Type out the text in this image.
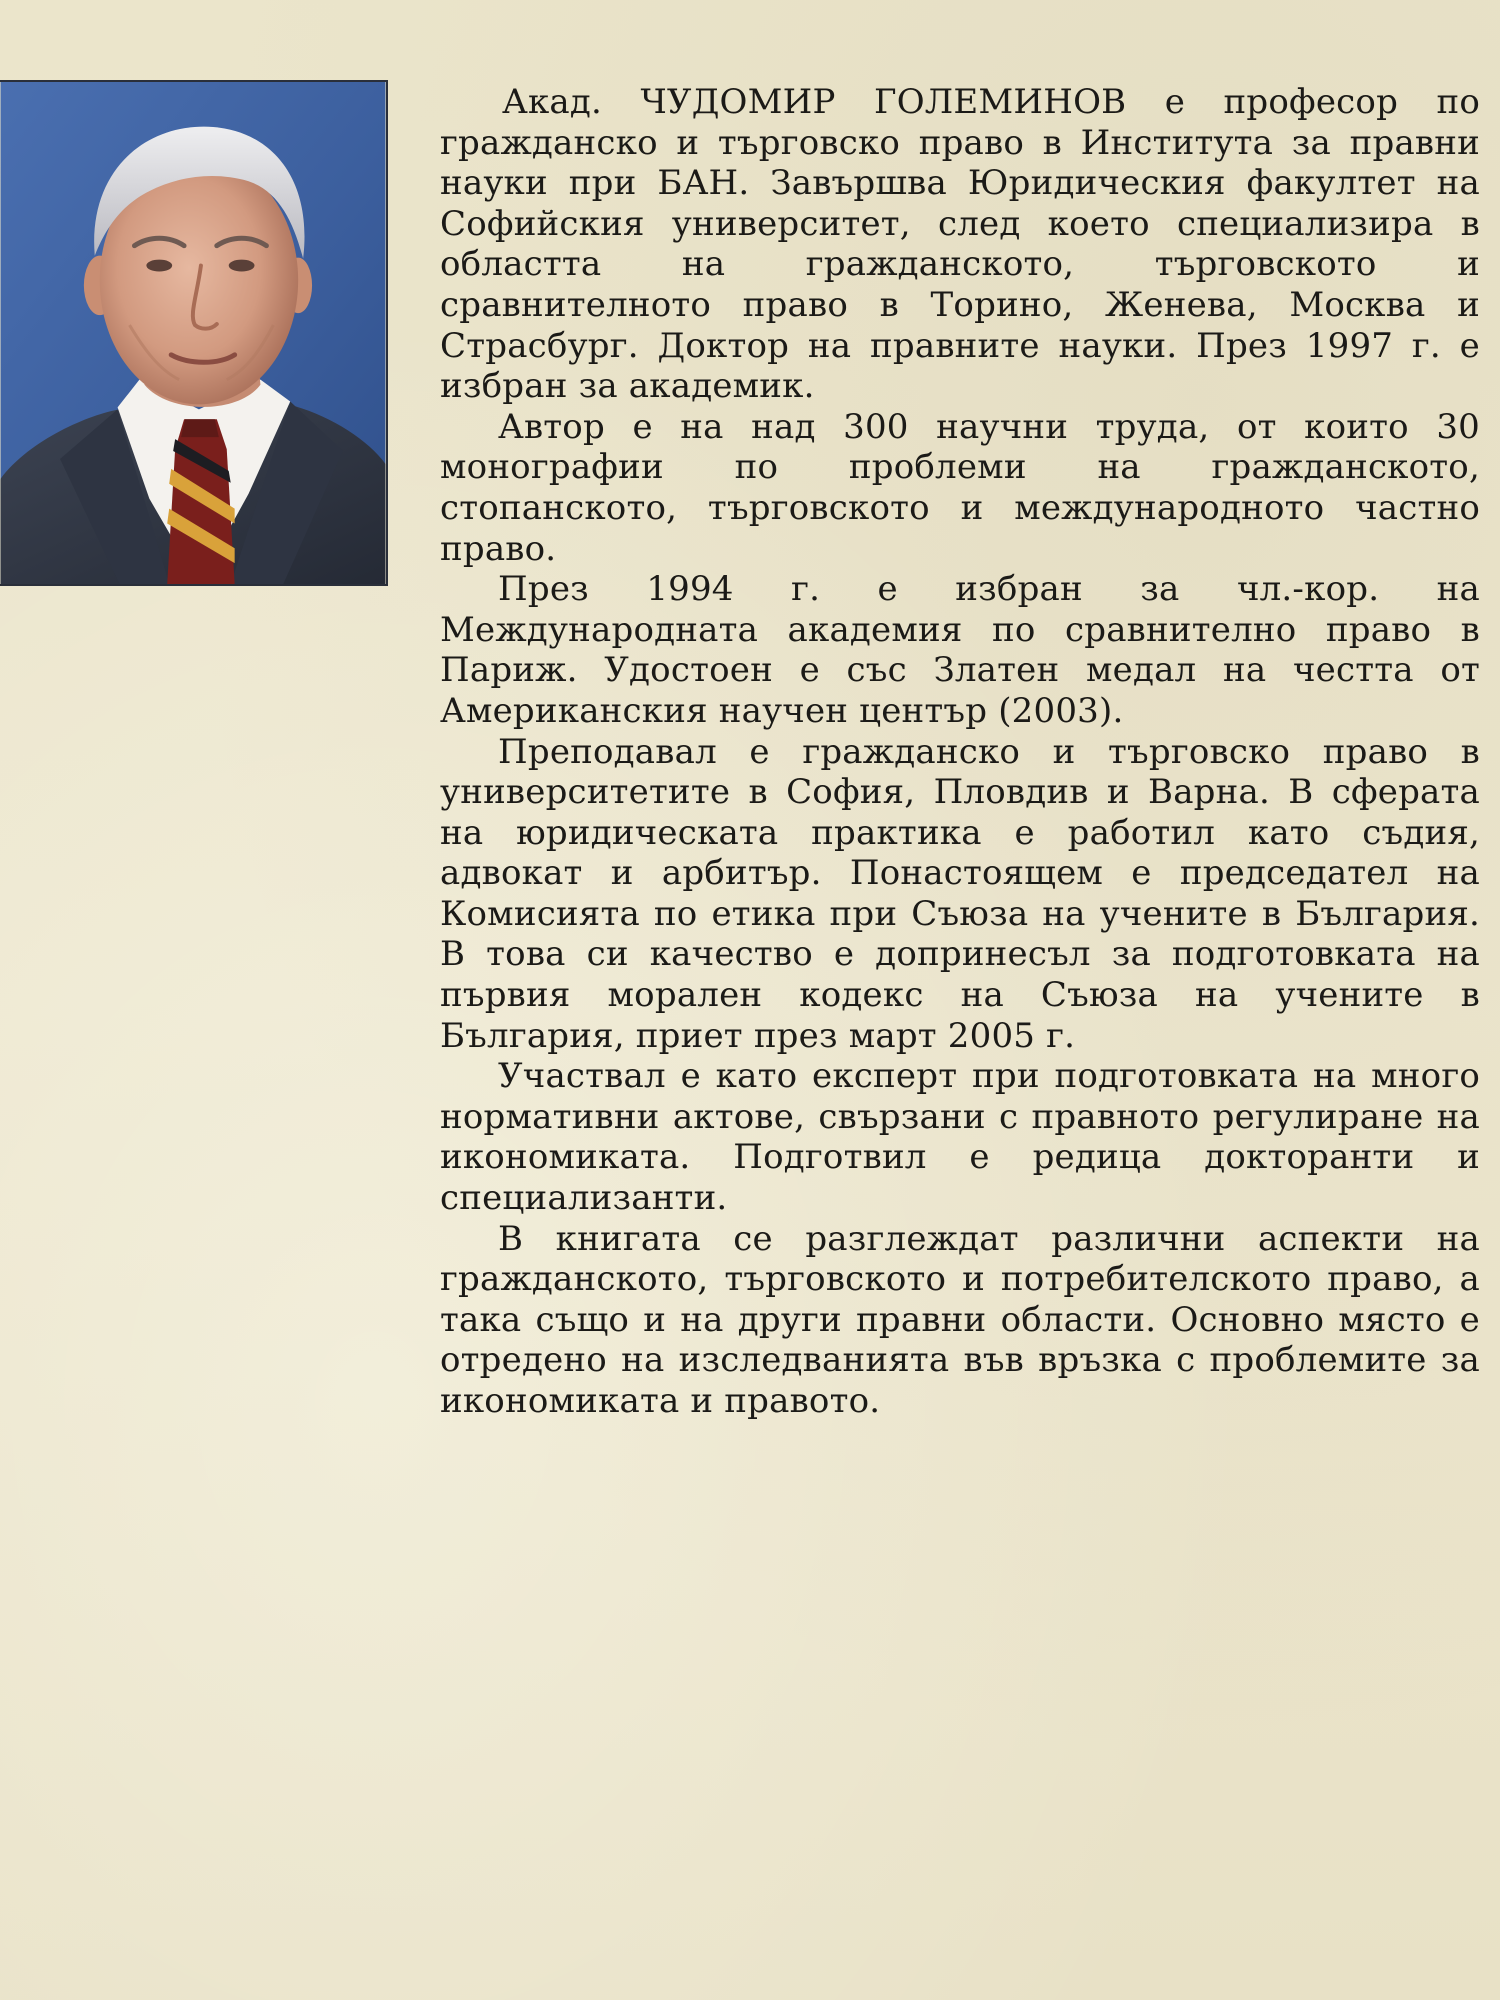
Акад. ЧУДОМИР ГОЛЕМИНОВ е професор по гражданско и търговско право в Института за правни науки при БАН. Завършва Юридическия факултет на Софийския университет, след което специализира в областта на гражданското, търговското и сравнителното право в Торино, Женева, Москва и Страсбург. Доктор на правните науки. През 1997 г. е избран за академик.

Автор е на над 300 научни труда, от които 30 монографии по проблеми на гражданското, стопанското, търговското и международното частно право.

През 1994 г. е избран за чл.-кор. на Международната академия по сравнително право в Париж. Удостоен е със Златен медал на честта от Американския научен център (2003).

Преподавал е гражданско и търговско право в университетите в София, Пловдив и Варна. В сферата на юридическата практика е работил като съдия, адвокат и арбитър. Понастоящем е председател на Комисията по етика при Съюза на учените в България. В това си качество е допринесъл за подготовката на първия морален кодекс на Съюза на учените в България, приет през март 2005 г.

Участвал е като експерт при подготовката на много нормативни актове, свързани с правното регулиране на икономиката. Подготвил е редица докторанти и специализанти.

В книгата се разглеждат различни аспекти на гражданското, търговското и потребителското право, а така също и на други правни области. Основно място е отредено на изследванията във връзка с проблемите за икономиката и правото.
